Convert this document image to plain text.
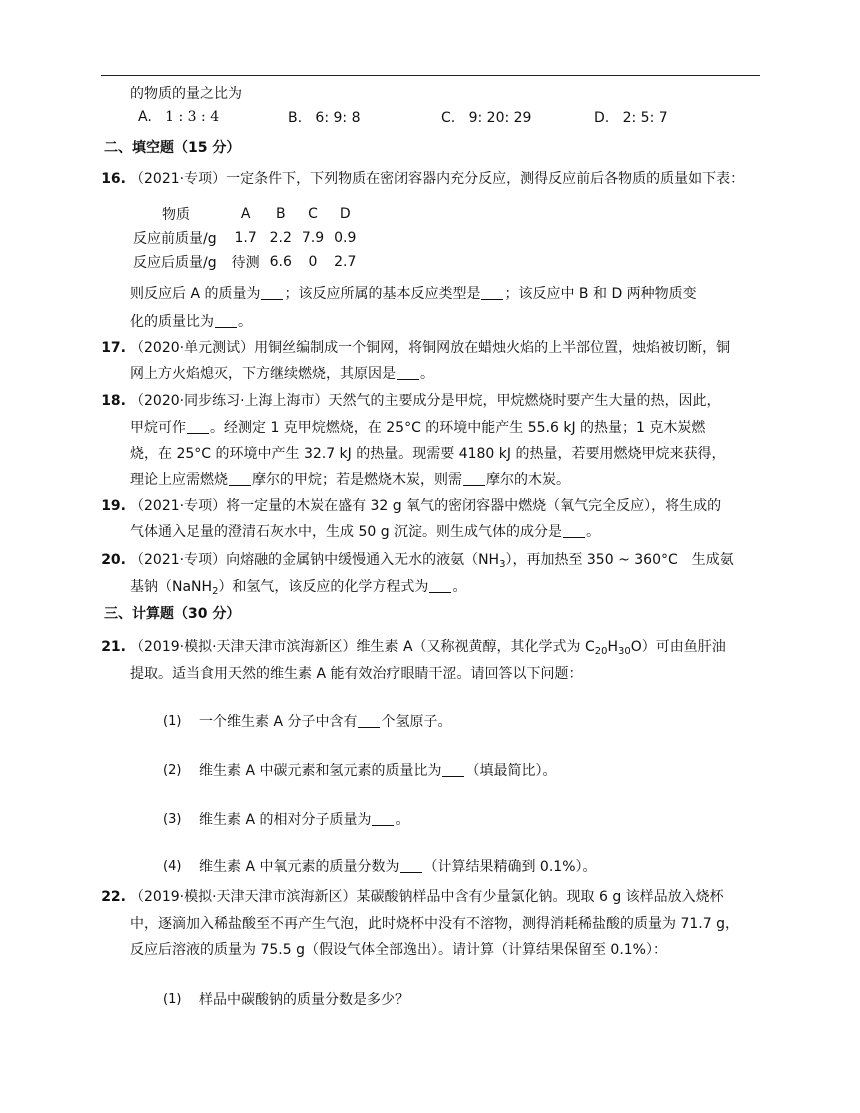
的物质的量之比为
A. 1 : 3 : 4	B. 6: 9: 8	C. 9: 20: 29	D. 2: 5: 7
二、填空题（15 分）
16. （2021·专项）一定条件下，下列物质在密闭容器内充分反应，测得反应前后各物质的质量如下表：
物质	A	B	C	D
反应前质量/g	1.7	2.2	7.9	0.9
反应后质量/g	待测	6.6	0	2.7
则反应后 A 的质量为 ；该反应所属的基本反应类型是 ；该反应中 B 和 D 两种物质变
化的质量比为 。
17. （2020·单元测试）用铜丝编制成一个铜网，将铜网放在蜡烛火焰的上半部位置，烛焰被切断，铜
网上方火焰熄灭，下方继续燃烧，其原因是 。
18. （2020·同步练习·上海上海市）天然气的主要成分是甲烷，甲烷燃烧时要产生大量的热，因此，
甲烷可作 。经测定 1 克甲烷燃烧，在 25°C 的环境中能产生 55.6 kJ 的热量；1 克木炭燃
烧，在 25°C 的环境中产生 32.7 kJ 的热量。现需要 4180 kJ 的热量，若要用燃烧甲烷来获得，
理论上应需燃烧 摩尔的甲烷；若是燃烧木炭，则需 摩尔的木炭。
19. （2021·专项）将一定量的木炭在盛有 32 g 氧气的密闭容器中燃烧（氧气完全反应），将生成的
气体通入足量的澄清石灰水中，生成 50 g 沉淀。则生成气体的成分是 。
20. （2021·专项）向熔融的金属钠中缓慢通入无水的液氨$(NH_3)$，再加热至 350 ~ 360°C　生成氨
基钠（NaNH$_2$）和氢气，该反应的化学方程式为 。
三、计算题（30 分）
21. （2019·模拟·天津天津市滨海新区）维生素 A（又称视黄醇，其化学式为 $C_{20}H_{30}O$）可由鱼肝油
提取。适当食用天然的维生素 A 能有效治疗眼睛干涩。请回答以下问题：
(1) 一个维生素 A 分子中含有 个氢原子。
(2) 维生素 A 中碳元素和氢元素的质量比为 （填最简比）。
(3) 维生素 A 的相对分子质量为 。
(4) 维生素 A 中氧元素的质量分数为 （计算结果精确到 0.1%）。
22. （2019·模拟·天津天津市滨海新区）某碳酸钠样品中含有少量氯化钠。现取 6 g 该样品放入烧杯
中，逐滴加入稀盐酸至不再产生气泡，此时烧杯中没有不溶物，测得消耗稀盐酸的质量为 71.7 g，
反应后溶液的质量为 75.5 g（假设气体全部逸出）。请计算（计算结果保留至 0.1%）：
(1) 样品中碳酸钠的质量分数是多少？
